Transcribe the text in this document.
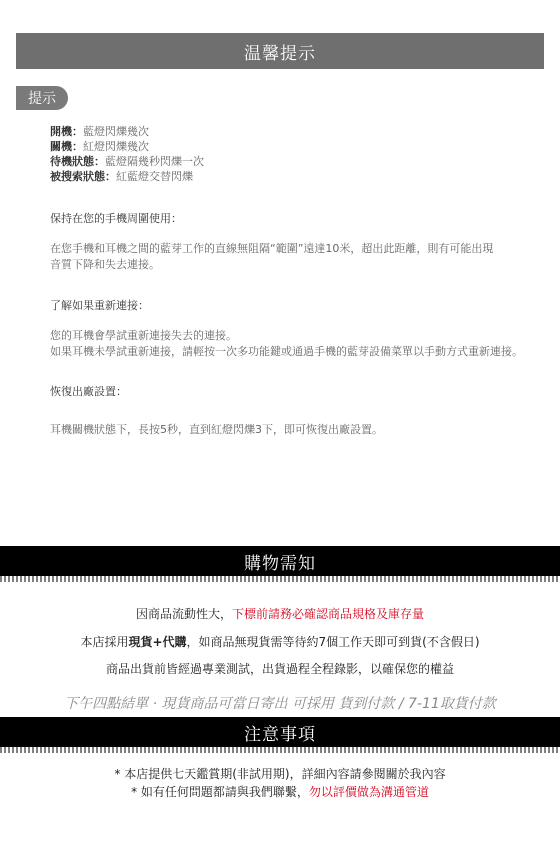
温馨提示
提示
開機：藍燈閃爍幾次
關機：紅燈閃爍幾次
待機狀態：藍燈隔幾秒閃爍一次
被搜索狀態：紅藍燈交替閃爍
保持在您的手機周圍使用：
在您手機和耳機之間的藍芽工作的直線無阻隔“範圍”遠達10米，超出此距離，則有可能出現
音質下降和失去連接。
了解如果重新連接：
您的耳機會學試重新連接失去的連接。
如果耳機未學試重新連接，請輕按一次多功能鍵或通過手機的藍芽設備菜單以手動方式重新連接。
恢復出廠設置：
耳機關機狀態下，長按5秒，直到紅燈閃爍3下，即可恢復出廠設置。
購物需知
因商品流動性大，下標前請務必確認商品規格及庫存量
本店採用現貨+代購，如商品無現貨需等待約7個工作天即可到貨(不含假日)
商品出貨前皆經過專業測試，出貨過程全程錄影，以確保您的權益
下午四點結單 · 現貨商品可當日寄出 可採用 貨到付款 / 7-11取貨付款
注意事項
* 本店提供七天鑑賞期(非試用期)，詳細內容請參閱關於我內容
* 如有任何問題都請與我們聯繫，勿以評價做為溝通管道
